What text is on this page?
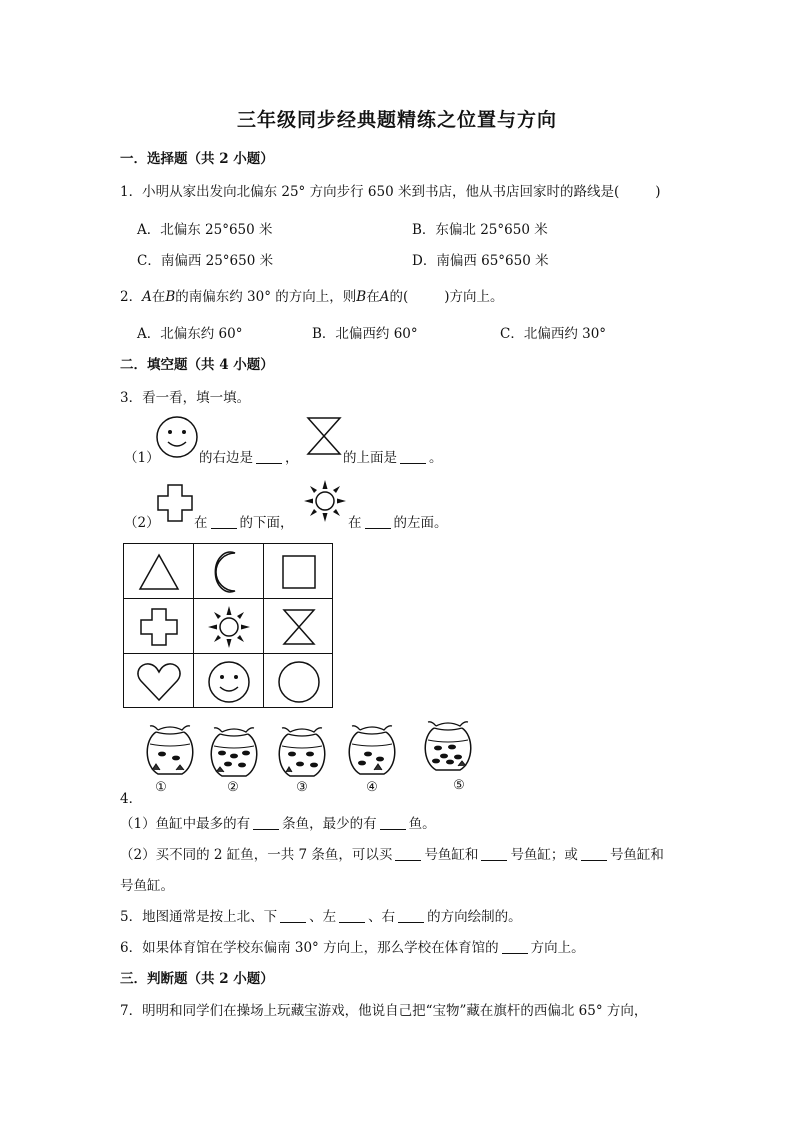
三年级同步经典题精练之位置与方向
一．选择题（共 2 小题）
1．小明从家出发向北偏东 25° 方向步行 650 米到书店，他从书店回家时的路线是(	)
A．北偏东 25°650 米	B．东偏北 25°650 米
C．南偏西 25°650 米	D．南偏西 65°650 米
2．A在B的南偏东约 30° 的方向上，则B在A的(	)方向上。
A．北偏东约 60°	B．北偏西约 60°	C．北偏西约 30°
二．填空题（共 4 小题）
3．看一看，填一填。
（1）	的右边是 ，	的上面是 。
（2）	在 的下面，	在 的左面。
4．
①	②	③	④	⑤
（1）鱼缸中最多的有 条鱼，最少的有 鱼。
（2）买不同的 2 缸鱼，一共 7 条鱼，可以买 号鱼缸和 号鱼缸；或 号鱼缸和
号鱼缸。
5．地图通常是按上北、下 、左 、右 的方向绘制的。
6．如果体育馆在学校东偏南 30° 方向上，那么学校在体育馆的 方向上。
三．判断题（共 2 小题）
7．明明和同学们在操场上玩藏宝游戏，他说自己把“宝物”藏在旗杆的西偏北 65° 方向，
